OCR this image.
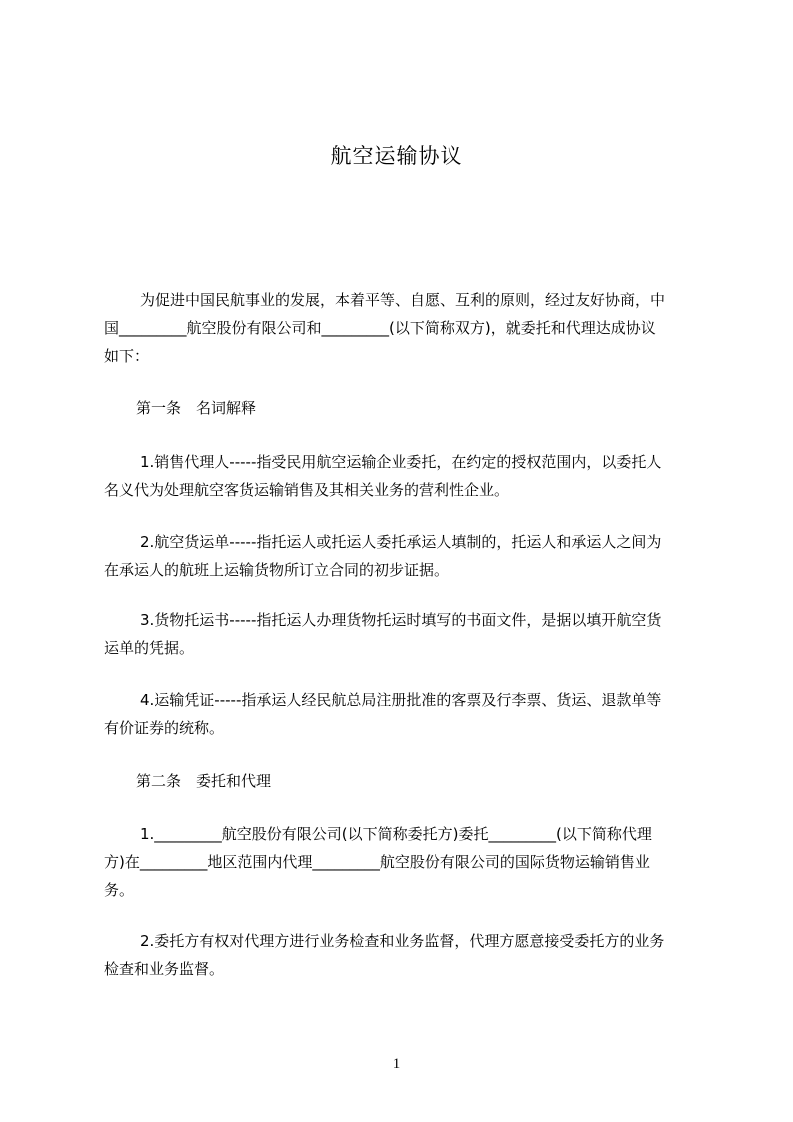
航空运输协议
为促进中国民航事业的发展，本着平等、自愿、互利的原则，经过友好协商，中
国_________航空股份有限公司和_________(以下简称双方)，就委托和代理达成协议
如下：
第一条　名词解释
1.销售代理人-----指受民用航空运输企业委托，在约定的授权范围内，以委托人
名义代为处理航空客货运输销售及其相关业务的营利性企业。
2.航空货运单-----指托运人或托运人委托承运人填制的，托运人和承运人之间为
在承运人的航班上运输货物所订立合同的初步证据。
3.货物托运书-----指托运人办理货物托运时填写的书面文件，是据以填开航空货
运单的凭据。
4.运输凭证-----指承运人经民航总局注册批准的客票及行李票、货运、退款单等
有价证券的统称。
第二条　委托和代理
1._________航空股份有限公司(以下简称委托方)委托_________(以下简称代理
方)在_________地区范围内代理_________航空股份有限公司的国际货物运输销售业
务。
2.委托方有权对代理方进行业务检查和业务监督，代理方愿意接受委托方的业务
检查和业务监督。
1
